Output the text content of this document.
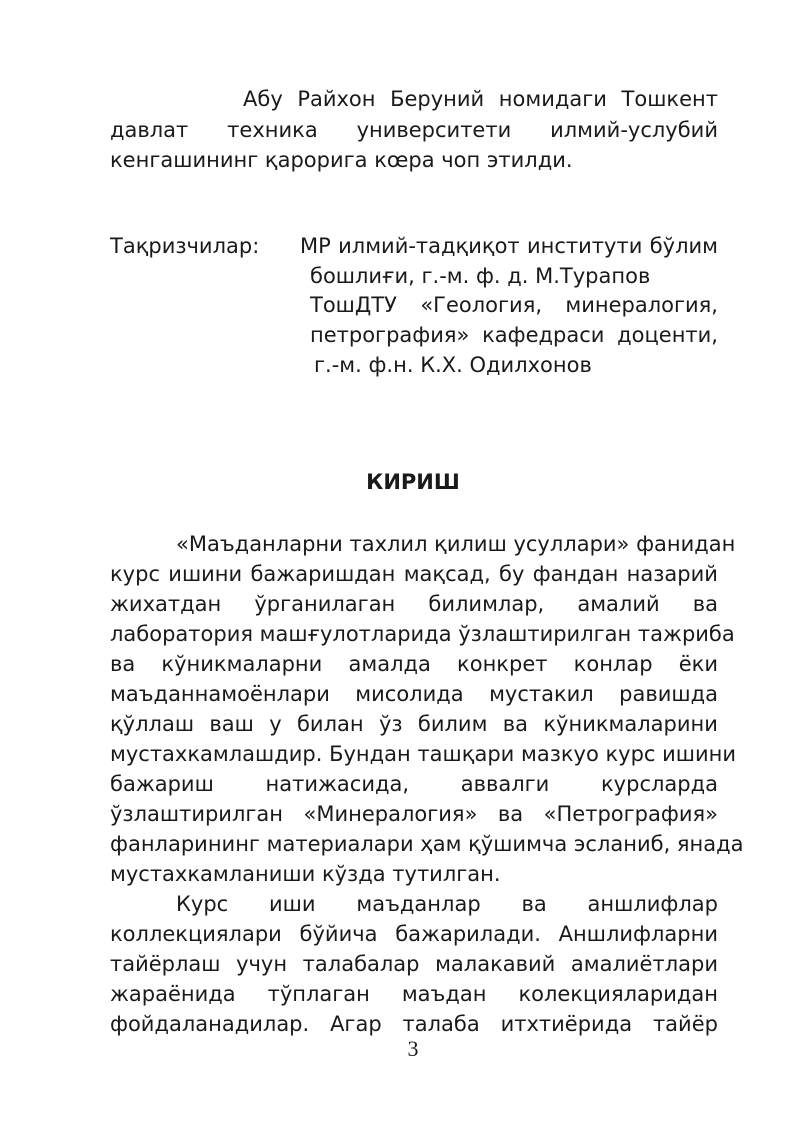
Абу Райхон Беруний номидаги Тошкент
давлат техника университети илмий-услубий
кенгашининг қарорига кœра чоп этилди.
Тақризчилар: МР илмий-тадқиқот институти бўлим
бошлиғи, г.-м. ф. д. М.Турапов
ТошДТУ «Геология, минералогия,
петрография» кафедраси доценти,
г.-м. ф.н. К.Х. Одилхонов
КИРИШ
«Маъданларни тахлил қилиш усуллари» фанидан
курс ишини бажаришдан мақсад, бу фандан назарий
жихатдан ўрганилаган билимлар, амалий ва
лаборатория машғулотларида ўзлаштирилган тажриба
ва кўникмаларни амалда конкрет конлар ёки
маъданнамоёнлари мисолида мустакил равишда
қўллаш ваш у билан ўз билим ва кўникмаларини
мустахкамлашдир. Бундан ташқари мазкуо курс ишини
бажариш натижасида, аввалги курсларда
ўзлаштирилган «Минералогия» ва «Петрография»
фанларининг материалари ҳам қўшимча эсланиб, янада
мустахкамланиши кўзда тутилган.
Курс иши маъданлар ва аншлифлар
коллекциялари бўйича бажарилади. Аншлифларни
тайёрлаш учун талабалар малакавий амалиётлари
жараёнида тўплаган маъдан колекцияларидан
фойдаланадилар. Агар талаба итхтиёрида тайёр
3
